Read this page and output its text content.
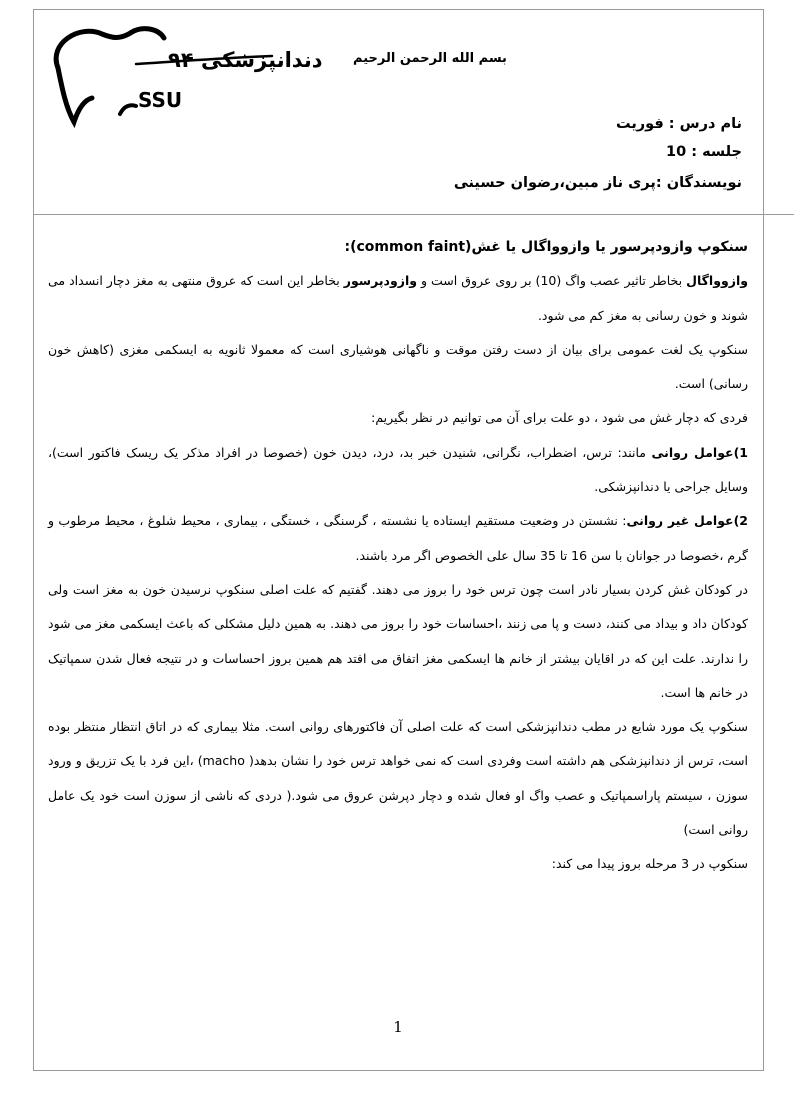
دندانپزشکی ۹۴
SSU
بسم الله الرحمن الرحیم
نام درس : فوریت
جلسه : 10
نویسندگان :پری ناز مبین،رضوان حسینی

سنکوپ وازودپرسور یا وازوواگال یا غش(common faint):

وازوواگال بخاطر تاثیر عصب واگ (10) بر روی عروق است و وازودپرسور بخاطر این است که عروق منتهی به مغز دچار انسداد می شوند و خون رسانی به مغز کم می شود.

سنکوپ یک لغت عمومی برای بیان از دست رفتن موقت و ناگهانی هوشیاری است که معمولا ثانویه به ایسکمی مغزی (کاهش خون رسانی) است.

فردی که دچار غش می شود ، دو علت برای آن می توانیم در نظر بگیریم:

1)عوامل روانی مانند: ترس، اضطراب، نگرانی، شنیدن خبر بد، درد، دیدن خون (خصوصا در افراد مذکر یک ریسک فاکتور است)، وسایل جراحی یا دندانپزشکی.

2)عوامل غیر روانی: نشستن در وضعیت مستقیم ایستاده یا نشسته ، گرسنگی ، خستگی ، بیماری ، محیط شلوغ ، محیط مرطوب و گرم ،خصوصا در جوانان با سن 16 تا 35 سال علی الخصوص اگر مرد باشند.

در کودکان غش کردن بسیار نادر است چون ترس خود را بروز می دهند. گفتیم که علت اصلی سنکوپ نرسیدن خون به مغز است ولی کودکان داد و بیداد می کنند، دست و پا می زنند ،احساسات خود را بروز می دهند. به همین دلیل مشکلی که باعث ایسکمی مغز می شود را ندارند. علت این که در اقایان بیشتر از خانم ها ایسکمی مغز اتفاق می افتد هم همین بروز احساسات و در نتیجه فعال شدن سمپاتیک در خانم ها است.

سنکوپ یک مورد شایع در مطب دندانپزشکی است که علت اصلی آن فاکتورهای روانی است. مثلا بیماری که در اتاق انتظار منتظر بوده است، ترس از دندانپزشکی هم داشته است وفردی است که نمی خواهد ترس خود را نشان بدهد( macho) ،این فرد با یک تزریق و ورود سوزن ، سیستم پاراسمپاتیک و عصب واگ او فعال شده و دچار دپرشن عروق می شود.( دردی که ناشی از سوزن است خود یک عامل روانی است)

سنکوپ در 3 مرحله بروز پیدا می کند:

1
